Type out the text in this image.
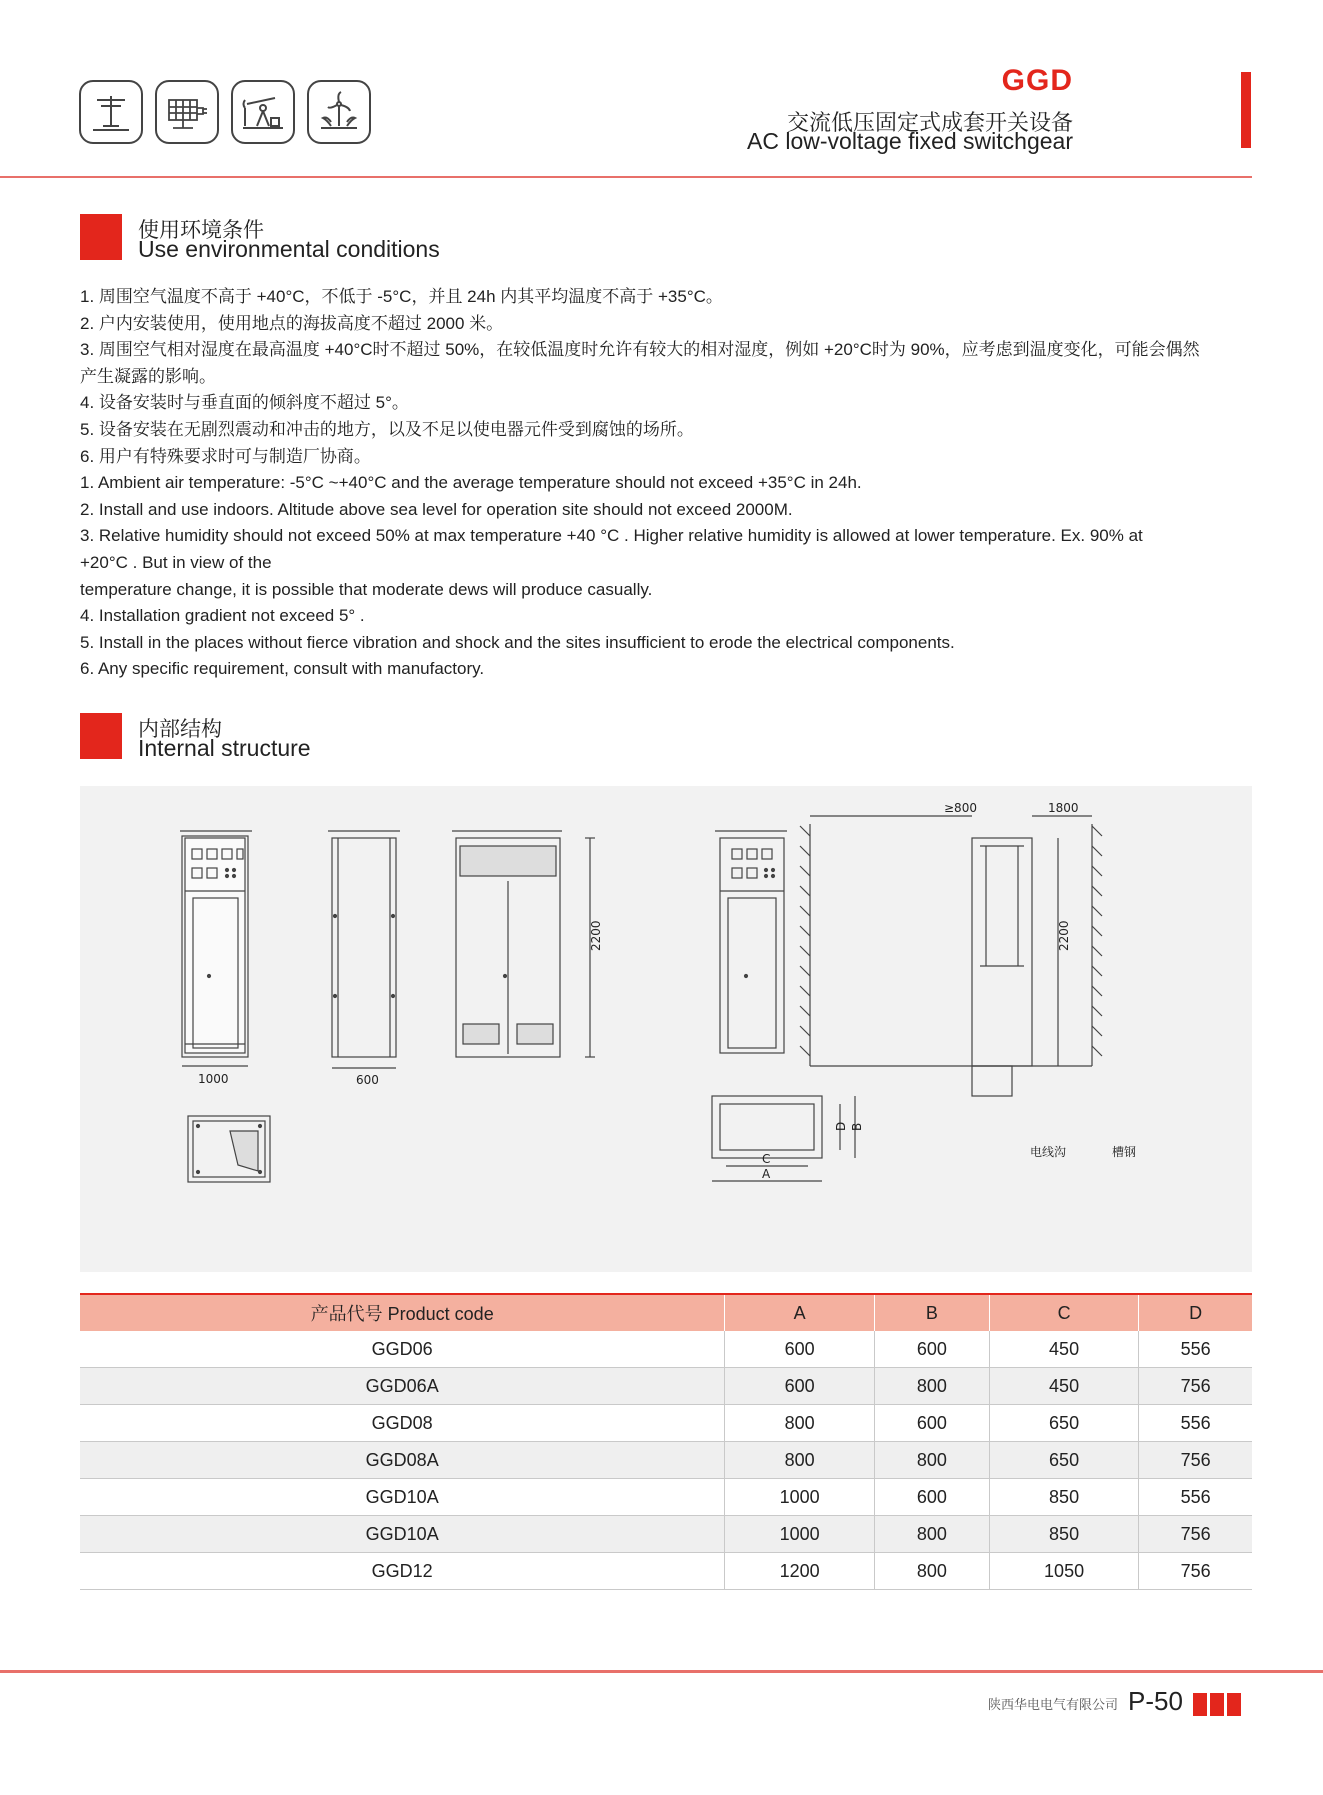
GGD
交流低压固定式成套开关设备
AC low-voltage fixed switchgear
使用环境条件
Use environmental conditions
1. 周围空气温度不高于 +40°C，不低于 -5°C，并且 24h 内其平均温度不高于 +35°C。
2. 户内安装使用，使用地点的海拔高度不超过 2000 米。
3. 周围空气相对湿度在最高温度 +40°C时不超过 50%，在较低温度时允许有较大的相对湿度，例如 +20°C时为 90%，应考虑到温度变化，可能会偶然
产生凝露的影响。
4. 设备安装时与垂直面的倾斜度不超过 5°。
5. 设备安装在无剧烈震动和冲击的地方，以及不足以使电器元件受到腐蚀的场所。
6. 用户有特殊要求时可与制造厂协商。
1. Ambient air temperature: -5°C ~+40°C and the average temperature should not exceed +35°C in 24h.
2. Install and use indoors. Altitude above sea level for operation site should not exceed 2000M.
3. Relative humidity should not exceed 50% at max temperature +40 °C . Higher relative humidity is allowed at lower temperature. Ex. 90% at
+20°C . But in view of the
temperature change, it is possible that moderate dews will produce casually.
4. Installation gradient not exceed 5° .
5. Install in the places without fierce vibration and shock and the sites insufficient to erode the electrical components.
6. Any specific requirement, consult with manufactory.
内部结构
Internal structure
1000	600
2200
≥800	1800
2200
电线沟	槽钢
D B
C
A
产品代号 Product code	A	B	C	D
GGD06	600	600	450	556
GGD06A	600	800	450	756
GGD08	800	600	650	556
GGD08A	800	800	650	756
GGD10A	1000	600	850	556
GGD10A	1000	800	850	756
GGD12	1200	800	1050	756
陕西华电电气有限公司 P-50
